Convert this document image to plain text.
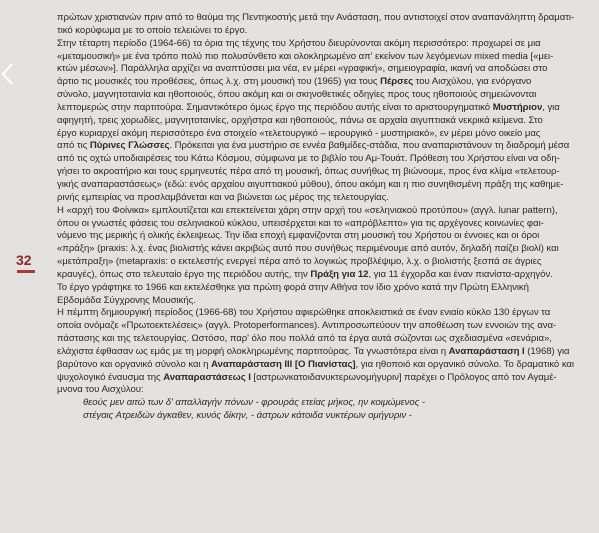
32
πρώτων χριστιανών πριν από το θαύμα της Πεντηκοστής μετά την Ανάσταση, που αντιστοιχεί στον αναπανάληπτη δραματι-
τικό κορύφωμα με το οποίο τελειώνει το έργο.
Στην τέταρτη περίοδο (1964-66) τα όρια της τέχνης του Χρήστου διευρύνονται ακόμη περισσότερο: προχωρεί σε μια
«μεταμουσική» με ένα τρόπο πολύ πιο πολυσύνθετο και ολοκληρωμένο απ' εκείνον των λεγόμενων mixed media [«μει-
κτών μέσων»]. Παράλληλα αρχίζει να αναπτύσσει μια νέα, εν μέρει «γραφική», σημειογραφία, ικανή να αποδώσει στο
άρτιο τις μουσικές του προθέσεις, όπως λ.χ. στη μουσική του (1965) για τους Πέρσες του Αισχύλου, για ενόργανο
σύνολο, μαγνητοταινία και ηθοποιούς, όπου ακόμη και οι σκηνοθετικές οδηγίες προς τους ηθοποιούς σημειώνονται
λεπτομερώς στην παρτιτούρα. Σημαντικότερο όμως έργο της περιόδου αυτής είναι το αριστουργηματικό Μυστήριον, για
αφηγητή, τρεις χορωδίες, μαγνητοταινίες, ορχήστρα και ηθοποιούς, πάνω σε αρχαία αιγυπτιακά νεκρικά κείμενα. Στο
έργο κυριαρχεί ακόμη περισσότερο ένα στοιχείο «τελετουργικό – ιερουργικό - μυστηριακό», εν μέρει μόνο οικείο μας
από τις Πύρινες Γλώσσες. Πρόκειται για ένα μυστήριο σε εννέα βαθμίδες-στάδια, που αναπαριστάνουν τη διαδρομή μέσα
από τις οχτώ υποδιαιρέσεις του Κάτω Κόσμου, σύμφωνα με το βιβλίο του Αμ-Τουάτ. Πρόθεση του Χρήστου είναι να οδη-
γήσει το ακροατήριο και τους ερμηνευτές πέρα από τη μουσική, όπως συνήθως τη βιώνουμε, προς ένα κλίμα «τελετουρ-
γικής αναπαραστάσεως» (εδώ: ενός αρχαίου αιγυπτιακού μύθου), όπου ακόμη και η πιο συνηθισμένη πράξη της καθημε-
ρινής εμπειρίας να προσλαμβάνεται και να βιώνεται ως μέρος της τελετουργίας.
Η «αρχή του Φοίνικα» εμπλουτίζεται και επεκτείνεται χάρη στην αρχή του «σεληνιακού προτύπου» (αγγλ. lunar pattern),
όπου οι γνωστές φάσεις του σεληνιακού κύκλου, υπεισέρχεται και το «απρόβλεπτο» για τις αρχέγονες κοινωνίες φαι-
νόμενο της μερικής ή ολικής έκλειψεως. Την ίδια εποχή εμφανίζονται στη μουσική του Χρήστου οι έννοιες και οι όροι
«πράξη» (praxis: λ.χ. ένας βιολιστής κάνει ακριβώς αυτό που συνήθως περιμένουμε από αυτόν, δηλαδή παίζει βιολί) και
«μετάπραξη» (metapraxis: ο εκτελεστής ενεργεί πέρα από το λογικώς προβλέψιμο, λ.χ. ο βιολιστής ξεσπά σε άγριες
κραυγές), όπως στο τελευταίο έργο της περιόδου αυτής, την Πράξη για 12, για 11 έγχορδα και έναν πιανίστα-αρχηγόν.
Το έργο γράφτηκε το 1966 και εκτελέσθηκε για πρώτη φορά στην Αθήνα τον ίδιο χρόνο κατά την Πρώτη Ελληνική
Εβδομάδα Σύγχρονης Μουσικής.
Η πέμπτη δημιουργική περίοδος (1966-68) του Χρήστου αφιερώθηκε αποκλειστικά σε έναν ενιαίο κύκλο 130 έργων τα
οποία ονόμαζε «Πρωτοεκτελέσεις» (αγγλ. Protoperformances). Αντιπροσωπεύουν την αποθέωση των εννοιών της ανα-
πάστασης και της τελετουργίας. Ωστόσο, παρ' όλο που πολλά από τα έργα αυτά σώζονται ως σχεδιασμένα «σενάρια»,
ελάχιστα έφθασαν ως εμάς με τη μορφή ολοκληρωμένης παρτιτούρας. Τα γνωστότερα είναι η Αναπαράσταση Ι (1968) για
βαρύτονο και οργανικό σύνολο και η Αναπαράσταση ΙΙΙ [Ο Πιανίστας], για ηθοποιό και οργανικό σύνολο. Το δραματικό και
ψυχολογικό έναυσμα της Αναπαραστάσεως Ι [αστρωνκατοιδανυκτερωνομήγυριν] παρέχει ο Πρόλογος από τον Αγαμέ-
μνονα του Αισχύλου:
θεούς μεν αιτώ των δ' απαλλαγήν πόνων - φρουράς ετείας μήκος, ην κοιμώμενος -
στέγαις Ατρειδών άγκαθεν, κυνός δίκην, - άστρων κάτοιδα νυκτέρων ομήγυριν -
